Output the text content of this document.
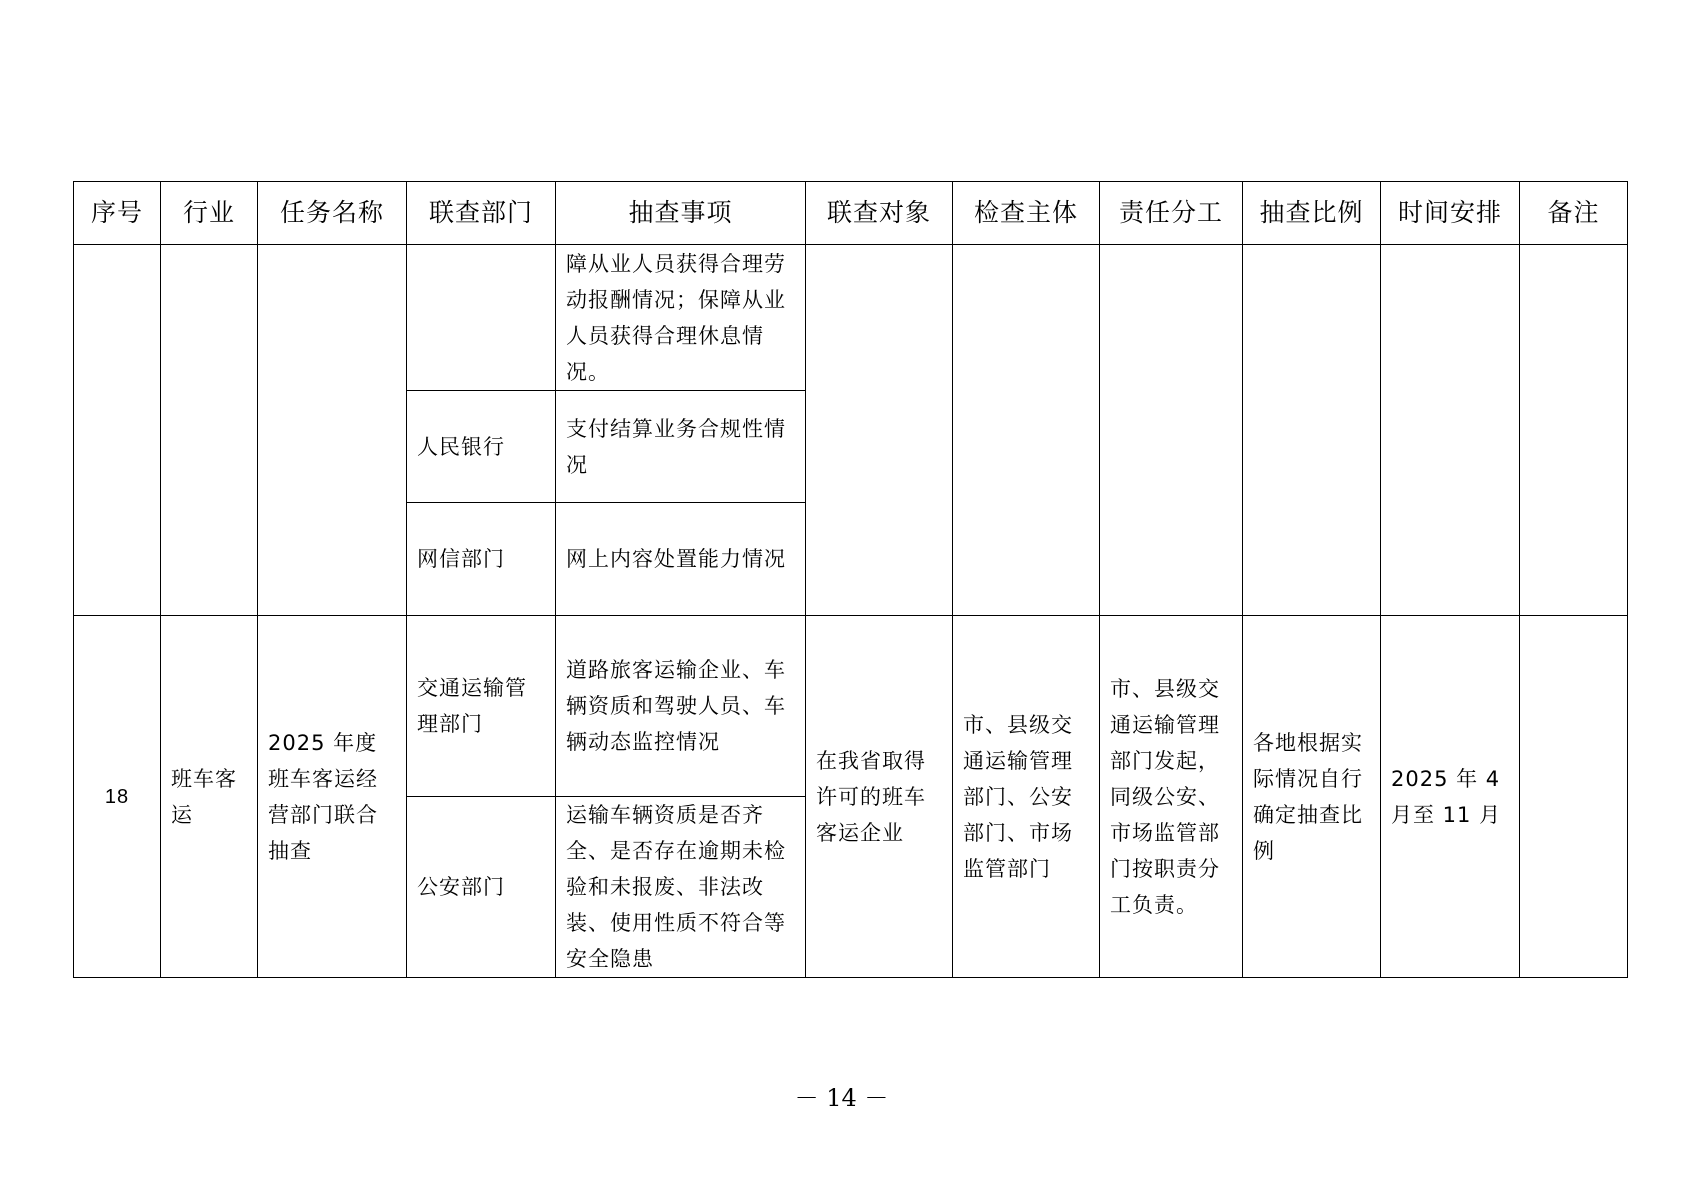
序号	行业	任务名称	联查部门	抽查事项	联查对象	检查主体	责任分工	抽查比例	时间安排	备注
				障从业人员获得合理劳动报酬情况；保障从业人员获得合理休息情况。						
			人民银行	支付结算业务合规性情况						
			网信部门	网上内容处置能力情况						
18	班车客运	2025 年度班车客运经营部门联合抽查	交通运输管理部门	道路旅客运输企业、车辆资质和驾驶人员、车辆动态监控情况	在我省取得许可的班车客运企业	市、县级交通运输管理部门、公安部门、市场监管部门	市、县级交通运输管理部门发起，同级公安、市场监管部门按职责分工负责。	各地根据实际情况自行确定抽查比例	2025 年 4 月至 11 月	
			公安部门	运输车辆资质是否齐全、是否存在逾期未检验和未报废、非法改装、使用性质不符合等安全隐患						
－ 14 －
